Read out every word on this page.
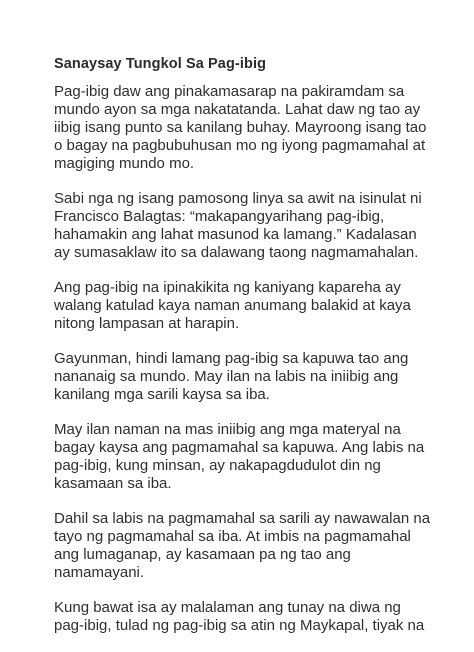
Sanaysay Tungkol Sa Pag-ibig
Pag-ibig daw ang pinakamasarap na pakiramdam sa
mundo ayon sa mga nakatatanda. Lahat daw ng tao ay
iibig isang punto sa kanilang buhay. Mayroong isang tao
o bagay na pagbubuhusan mo ng iyong pagmamahal at
magiging mundo mo.
Sabi nga ng isang pamosong linya sa awit na isinulat ni
Francisco Balagtas: “makapangyarihang pag-ibig,
hahamakin ang lahat masunod ka lamang.” Kadalasan
ay sumasaklaw ito sa dalawang taong nagmamahalan.
Ang pag-ibig na ipinakikita ng kaniyang kapareha ay
walang katulad kaya naman anumang balakid at kaya
nitong lampasan at harapin.
Gayunman, hindi lamang pag-ibig sa kapuwa tao ang
nananaig sa mundo. May ilan na labis na iniibig ang
kanilang mga sarili kaysa sa iba.
May ilan naman na mas iniibig ang mga materyal na
bagay kaysa ang pagmamahal sa kapuwa. Ang labis na
pag-ibig, kung minsan, ay nakapagdudulot din ng
kasamaan sa iba.
Dahil sa labis na pagmamahal sa sarili ay nawawalan na
tayo ng pagmamahal sa iba. At imbis na pagmamahal
ang lumaganap, ay kasamaan pa ng tao ang
namamayani.
Kung bawat isa ay malalaman ang tunay na diwa ng
pag-ibig, tulad ng pag-ibig sa atin ng Maykapal, tiyak na
